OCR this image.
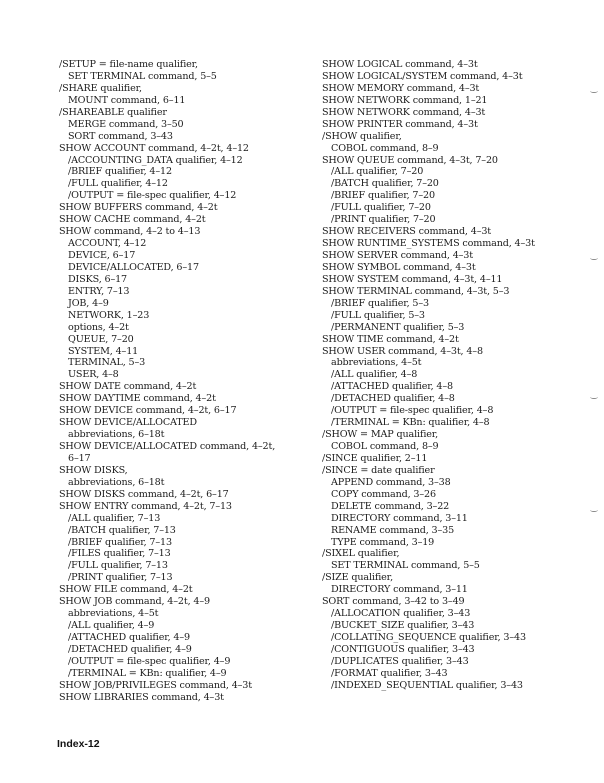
/SETUP = file-name qualifier,
SET TERMINAL command, 5–5
/SHARE qualifier,
MOUNT command, 6–11
/SHAREABLE qualifier
MERGE command, 3–50
SORT command, 3–43
SHOW ACCOUNT command, 4–2t, 4–12
/ACCOUNTING_DATA qualifier, 4–12
/BRIEF qualifier, 4–12
/FULL qualifier, 4–12
/OUTPUT = file-spec qualifier, 4–12
SHOW BUFFERS command, 4–2t
SHOW CACHE command, 4–2t
SHOW command, 4–2 to 4–13
ACCOUNT, 4–12
DEVICE, 6–17
DEVICE/ALLOCATED, 6–17
DISKS, 6–17
ENTRY, 7–13
JOB, 4–9
NETWORK, 1–23
options, 4–2t
QUEUE, 7–20
SYSTEM, 4–11
TERMINAL, 5–3
USER, 4–8
SHOW DATE command, 4–2t
SHOW DAYTIME command, 4–2t
SHOW DEVICE command, 4–2t, 6–17
SHOW DEVICE/ALLOCATED
abbreviations, 6–18t
SHOW DEVICE/ALLOCATED command, 4–2t,
6–17
SHOW DISKS,
abbreviations, 6–18t
SHOW DISKS command, 4–2t, 6–17
SHOW ENTRY command, 4–2t, 7–13
/ALL qualifier, 7–13
/BATCH qualifier, 7–13
/BRIEF qualifier, 7–13
/FILES qualifier, 7–13
/FULL qualifier, 7–13
/PRINT qualifier, 7–13
SHOW FILE command, 4–2t
SHOW JOB command, 4–2t, 4–9
abbreviations, 4–5t
/ALL qualifier, 4–9
/ATTACHED qualifier, 4–9
/DETACHED qualifier, 4–9
/OUTPUT = file-spec qualifier, 4–9
/TERMINAL = KBn: qualifier, 4–9
SHOW JOB/PRIVILEGES command, 4–3t
SHOW LIBRARIES command, 4–3t
SHOW LOGICAL command, 4–3t
SHOW LOGICAL/SYSTEM command, 4–3t
SHOW MEMORY command, 4–3t
SHOW NETWORK command, 1–21
SHOW NETWORK command, 4–3t
SHOW PRINTER command, 4–3t
/SHOW qualifier,
COBOL command, 8–9
SHOW QUEUE command, 4–3t, 7–20
/ALL qualifier, 7–20
/BATCH qualifier, 7–20
/BRIEF qualifier, 7–20
/FULL qualifier, 7–20
/PRINT qualifier, 7–20
SHOW RECEIVERS command, 4–3t
SHOW RUNTIME_SYSTEMS command, 4–3t
SHOW SERVER command, 4–3t
SHOW SYMBOL command, 4–3t
SHOW SYSTEM command, 4–3t, 4–11
SHOW TERMINAL command, 4–3t, 5–3
/BRIEF qualifier, 5–3
/FULL qualifier, 5–3
/PERMANENT qualifier, 5–3
SHOW TIME command, 4–2t
SHOW USER command, 4–3t, 4–8
abbreviations, 4–5t
/ALL qualifier, 4–8
/ATTACHED qualifier, 4–8
/DETACHED qualifier, 4–8
/OUTPUT = file-spec qualifier, 4–8
/TERMINAL = KBn: qualifier, 4–8
/SHOW = MAP qualifier,
COBOL command, 8–9
/SINCE qualifier, 2–11
/SINCE = date qualifier
APPEND command, 3–38
COPY command, 3–26
DELETE command, 3–22
DIRECTORY command, 3–11
RENAME command, 3–35
TYPE command, 3–19
/SIXEL qualifier,
SET TERMINAL command, 5–5
/SIZE qualifier,
DIRECTORY command, 3–11
SORT command, 3–42 to 3–49
/ALLOCATION qualifier, 3–43
/BUCKET_SIZE qualifier, 3–43
/COLLATING_SEQUENCE qualifier, 3–43
/CONTIGUOUS qualifier, 3–43
/DUPLICATES qualifier, 3–43
/FORMAT qualifier, 3–43
/INDEXED_SEQUENTIAL qualifier, 3–43
Index-12
